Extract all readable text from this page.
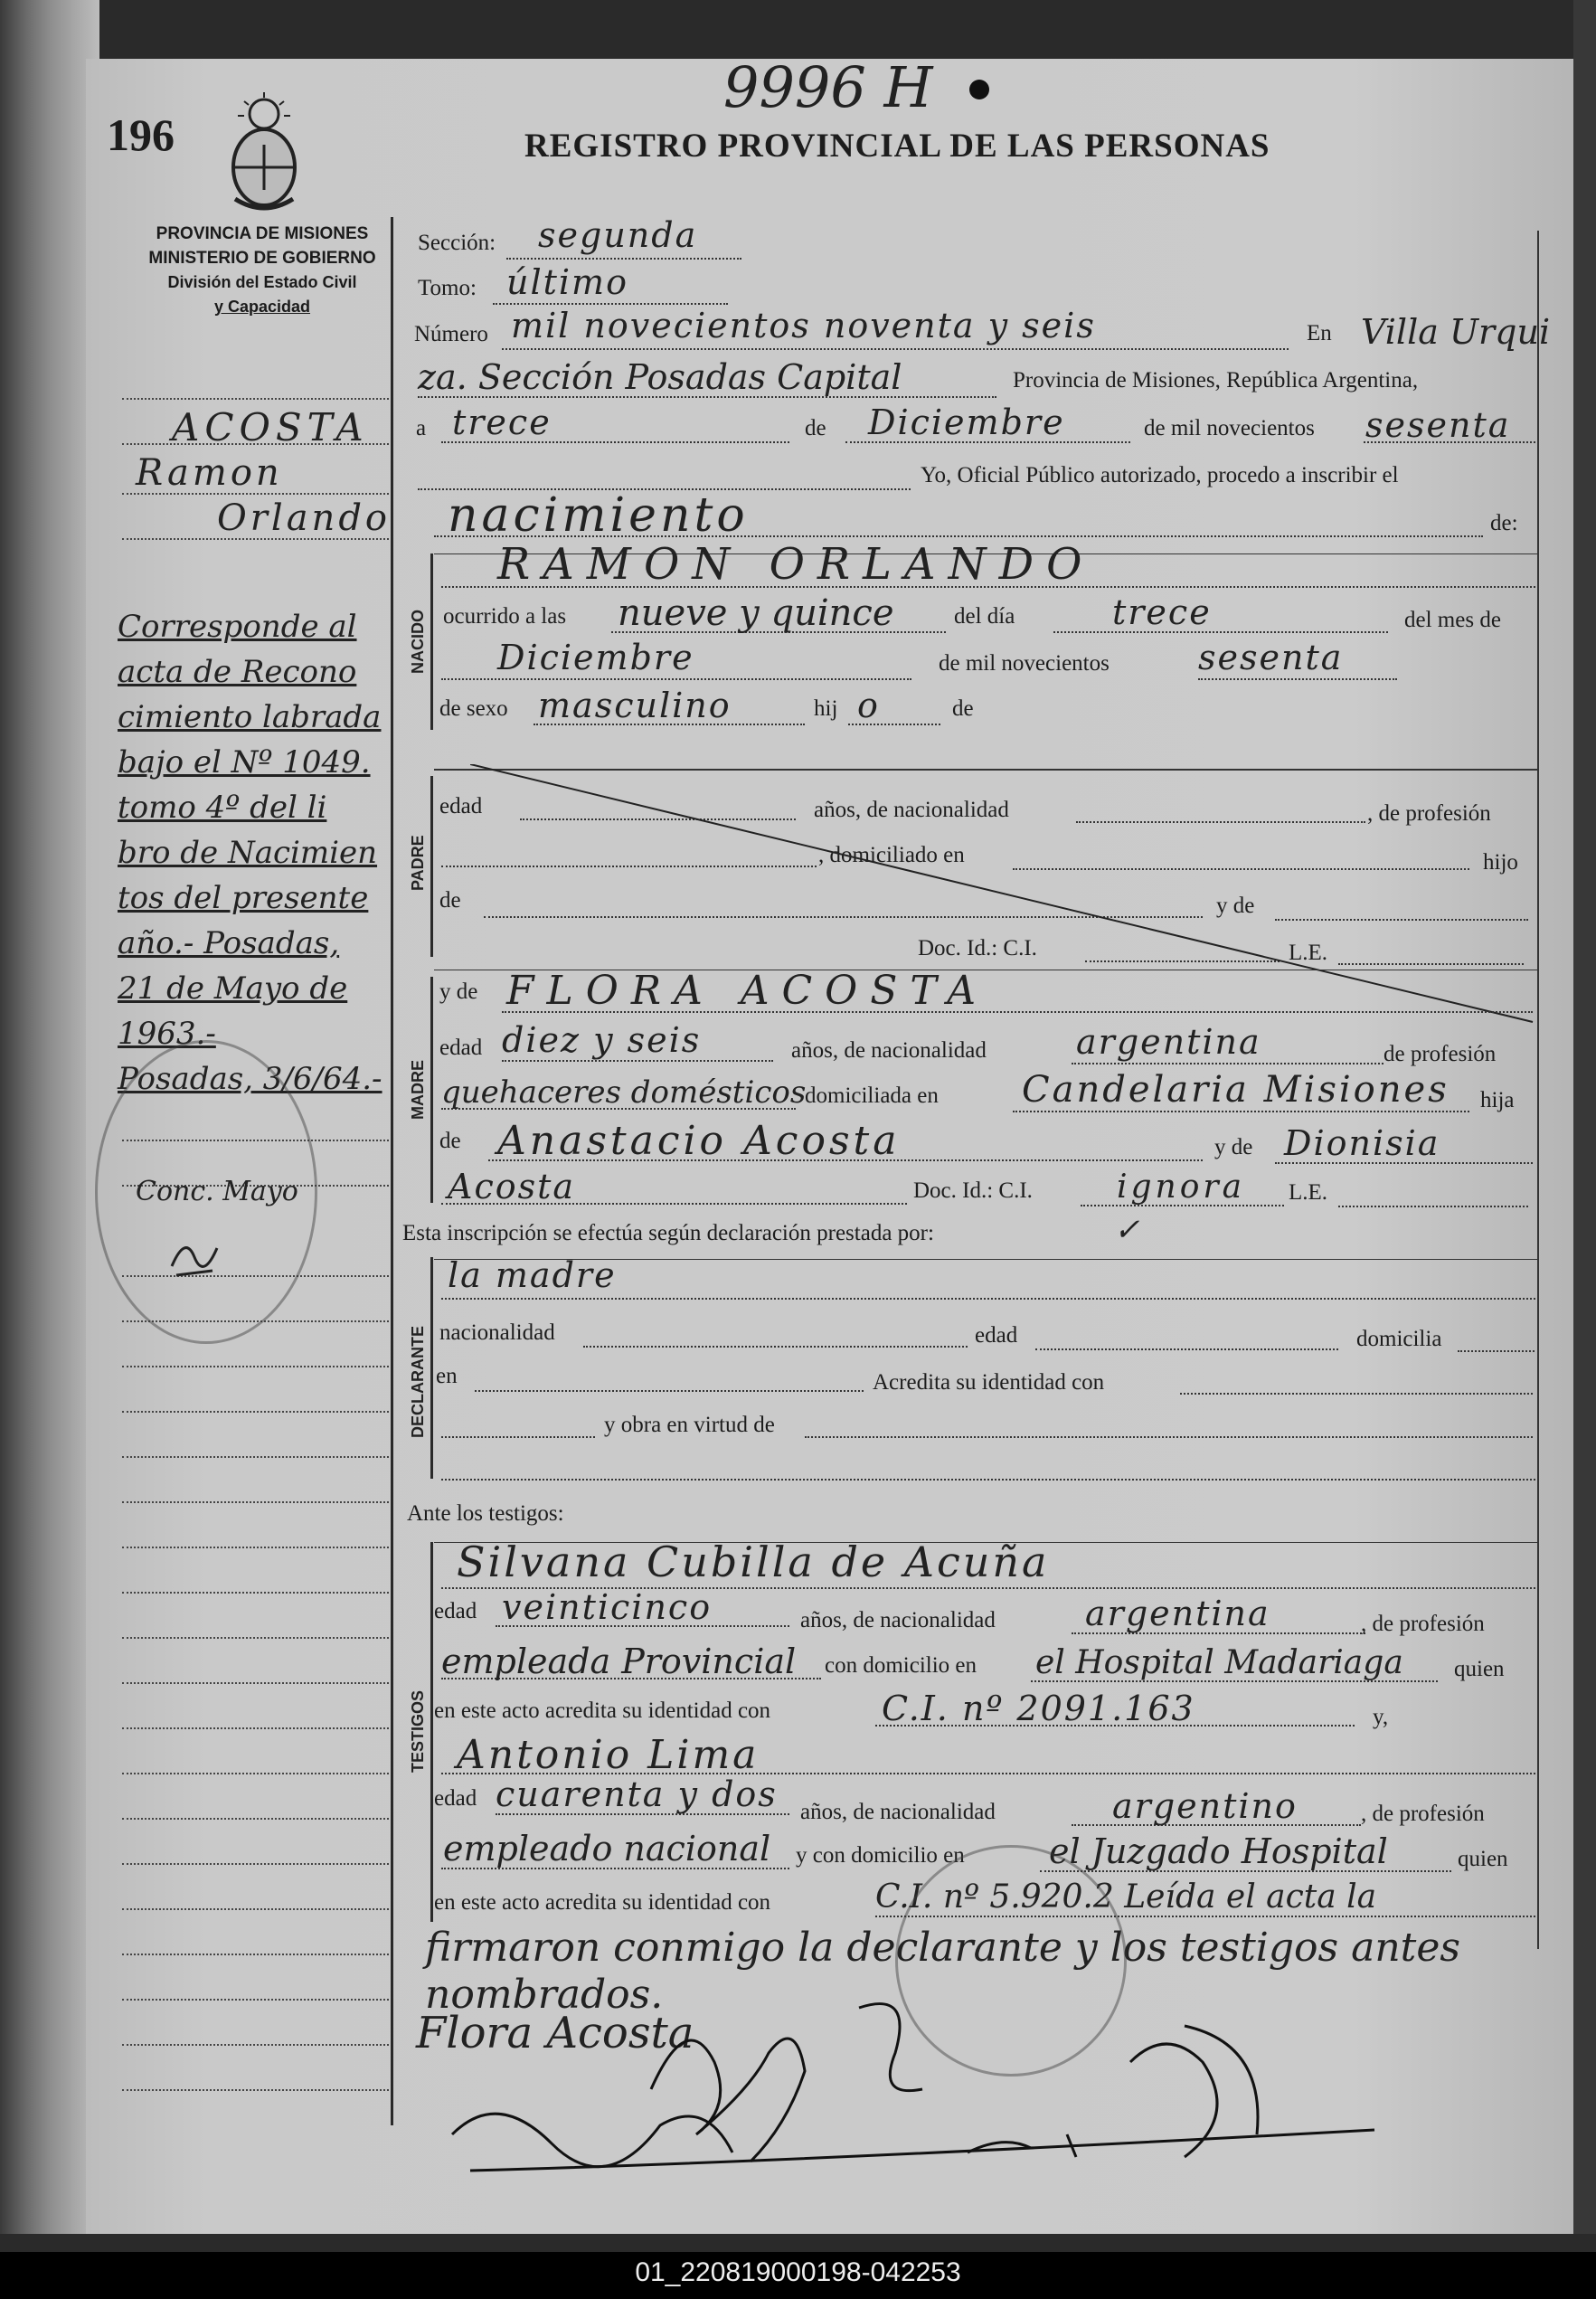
196	REGISTRO PROVINCIAL DE LAS PERSONAS
9996 H
PROVINCIA DE MISIONES
MINISTERIO DE GOBIERNO
División del Estado Civil
y Capacidad
ACOSTA
Ramon
Orlando
Corresponde al
acta de Recono
cimiento labrada
bajo el Nº 1049.
tomo 4º del li
bro de Nacimien
tos del presente
año.- Posadas,
21 de Mayo de
1963.-
Posadas, 3/6/64.-
Conc. Mayo
Sección: segunda
Tomo: último
Número mil novecientos noventa y seis	En Villa Urqui
za. Sección Posadas Capital	Provincia de Misiones, República Argentina,
a trece	de Diciembre	de mil novecientos sesenta
Yo, Oficial Público autorizado, procedo a inscribir el
nacimiento	de:
NACIDO
RAMON ORLANDO
ocurrido a las nueve y quince	del día	trece	del mes de
Diciembre	de mil novecientos	sesenta
de sexo masculino	hij o	de
PADRE
edad	años, de nacionalidad	, de profesión
, domiciliado en	hijo
de	y de
Doc. Id.: C.I.	L.E.
MADRE
y de FLORA ACOSTA
edad diez y seis	años, de nacionalidad	argentina	de profesión
quehaceres domésticos
domiciliada en Candelaria Misiones hija
de Anastacio Acosta	y de Dionisia
Acosta	Doc. Id.: C.I.	ignora L.E.
Esta inscripción se efectúa según declaración prestada por:	✓
DECLARANTE
la madre
nacionalidad	edad	domicilia
en	Acredita su identidad con
y obra en virtud de
Ante los testigos:
TESTIGOS
Silvana Cubilla de Acuña
edad veinticinco	años, de nacionalidad	argentina	, de profesión
empleada Provincial con domicilio en el Hospital Madariaga quien
en este acto acredita su identidad con	C.I. nº 2091.163	y,
Antonio Lima
edad cuarenta y dos años, de nacionalidad	argentino	, de profesión
empleado nacional y con domicilio en el Juzgado Hospital	quien
en este acto acredita su identidad con	C.I. nº 5.920.2 Leída el acta la
firmaron conmigo la declarante y los testigos antes
nombrados.
Flora Acosta
01_220819000198-042253
